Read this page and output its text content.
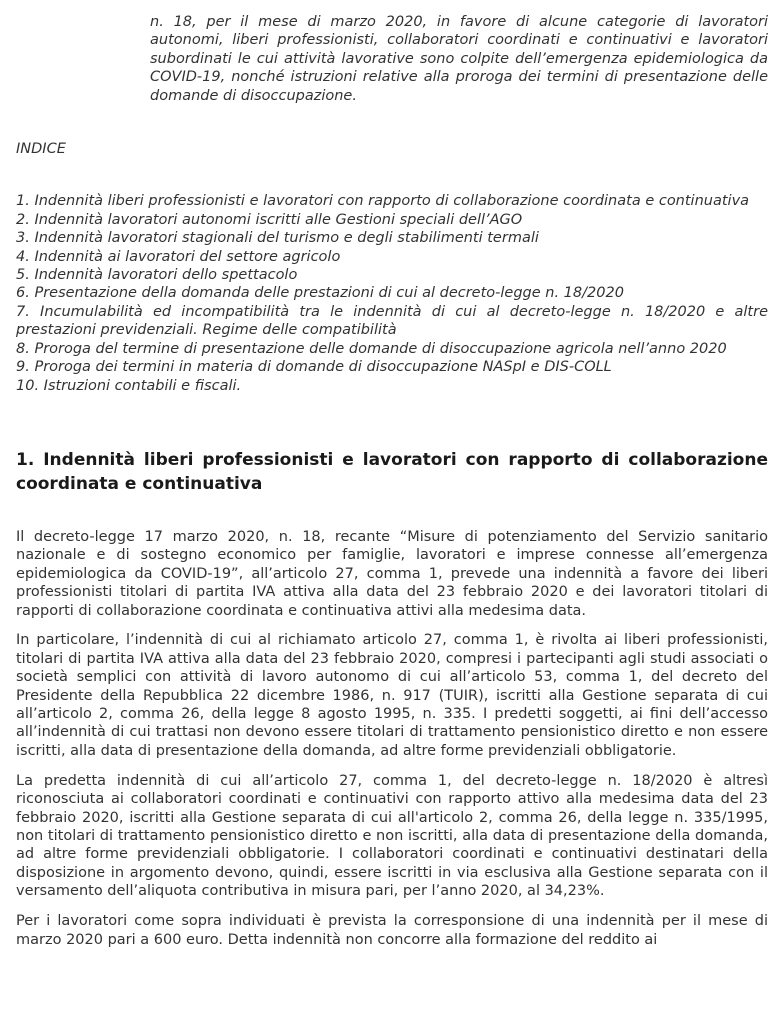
n. 18, per il mese di marzo 2020, in favore di alcune categorie di lavoratori autonomi, liberi professionisti, collaboratori coordinati e continuativi e lavoratori subordinati le cui attività lavorative sono colpite dell’emergenza epidemiologica da COVID-19, nonché istruzioni relative alla proroga dei termini di presentazione delle domande di disoccupazione.

INDICE

1. Indennità liberi professionisti e lavoratori con rapporto di collaborazione coordinata e continuativa
2. Indennità lavoratori autonomi iscritti alle Gestioni speciali dell’AGO
3. Indennità lavoratori stagionali del turismo e degli stabilimenti termali
4. Indennità ai lavoratori del settore agricolo
5. Indennità lavoratori dello spettacolo
6. Presentazione della domanda delle prestazioni di cui al decreto-legge n. 18/2020
7. Incumulabilità ed incompatibilità tra le indennità di cui al decreto-legge n. 18/2020 e altre prestazioni previdenziali. Regime delle compatibilità
8. Proroga del termine di presentazione delle domande di disoccupazione agricola nell’anno 2020
9. Proroga dei termini in materia di domande di disoccupazione NASpI e DIS-COLL
10. Istruzioni contabili e fiscali.
1. Indennità liberi professionisti e lavoratori con rapporto di collaborazione coordinata e continuativa

Il decreto-legge 17 marzo 2020, n. 18, recante “Misure di potenziamento del Servizio sanitario nazionale e di sostegno economico per famiglie, lavoratori e imprese connesse all’emergenza epidemiologica da COVID-19”, all’articolo 27, comma 1, prevede una indennità a favore dei liberi professionisti titolari di partita IVA attiva alla data del 23 febbraio 2020 e dei lavoratori titolari di rapporti di collaborazione coordinata e continuativa attivi alla medesima data.

In particolare, l’indennità di cui al richiamato articolo 27, comma 1, è rivolta ai liberi professionisti, titolari di partita IVA attiva alla data del 23 febbraio 2020, compresi i partecipanti agli studi associati o società semplici con attività di lavoro autonomo di cui all’articolo 53, comma 1, del decreto del Presidente della Repubblica 22 dicembre 1986, n. 917 (TUIR), iscritti alla Gestione separata di cui all’articolo 2, comma 26, della legge 8 agosto 1995, n. 335. I predetti soggetti, ai fini dell’accesso all’indennità di cui trattasi non devono essere titolari di trattamento pensionistico diretto e non essere iscritti, alla data di presentazione della domanda, ad altre forme previdenziali obbligatorie.

La predetta indennità di cui all’articolo 27, comma 1, del decreto-legge n. 18/2020 è altresì riconosciuta ai collaboratori coordinati e continuativi con rapporto attivo alla medesima data del 23 febbraio 2020, iscritti alla Gestione separata di cui all'articolo 2, comma 26, della legge n. 335/1995, non titolari di trattamento pensionistico diretto e non iscritti, alla data di presentazione della domanda, ad altre forme previdenziali obbligatorie. I collaboratori coordinati e continuativi destinatari della disposizione in argomento devono, quindi, essere iscritti in via esclusiva alla Gestione separata con il versamento dell’aliquota contributiva in misura pari, per l’anno 2020, al 34,23%.

Per i lavoratori come sopra individuati è prevista la corresponsione di una indennità per il mese di marzo 2020 pari a 600 euro. Detta indennità non concorre alla formazione del reddito ai
